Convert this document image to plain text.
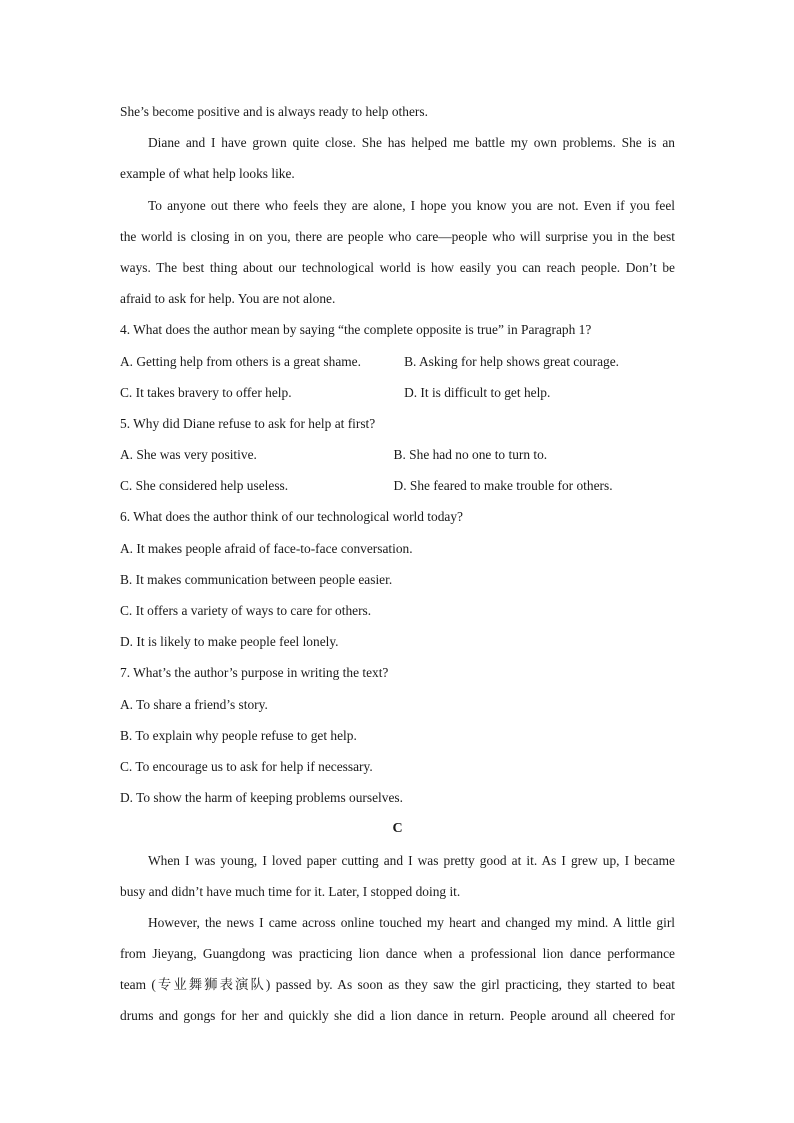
She’s become positive and is always ready to help others.

Diane and I have grown quite close. She has helped me battle my own problems. She is an

example of what help looks like.

To anyone out there who feels they are alone, I hope you know you are not. Even if you feel

the world is closing in on you, there are people who care—people who will surprise you in the best

ways. The best thing about our technological world is how easily you can reach people. Don’t be

afraid to ask for help. You are not alone.

4. What does the author mean by saying “the complete opposite is true” in Paragraph 1?

A. Getting help from others is a great shame.	B. Asking for help shows great courage.

C. It takes bravery to offer help.	D. It is difficult to get help.

5. Why did Diane refuse to ask for help at first?

A. She was very positive.	B. She had no one to turn to.

C. She considered help useless.	D. She feared to make trouble for others.

6. What does the author think of our technological world today?

A. It makes people afraid of face-to-face conversation.

B. It makes communication between people easier.

C. It offers a variety of ways to care for others.

D. It is likely to make people feel lonely.

7. What’s the author’s purpose in writing the text?

A. To share a friend’s story.

B. To explain why people refuse to get help.

C. To encourage us to ask for help if necessary.

D. To show the harm of keeping problems ourselves.

C

When I was young, I loved paper cutting and I was pretty good at it. As I grew up, I became

busy and didn’t have much time for it. Later, I stopped doing it.

However, the news I came across online touched my heart and changed my mind. A little girl

from Jieyang, Guangdong was practicing lion dance when a professional lion dance performance

team (专业舞狮表演队) passed by. As soon as they saw the girl practicing, they started to beat

drums and gongs for her and quickly she did a lion dance in return. People around all cheered for
